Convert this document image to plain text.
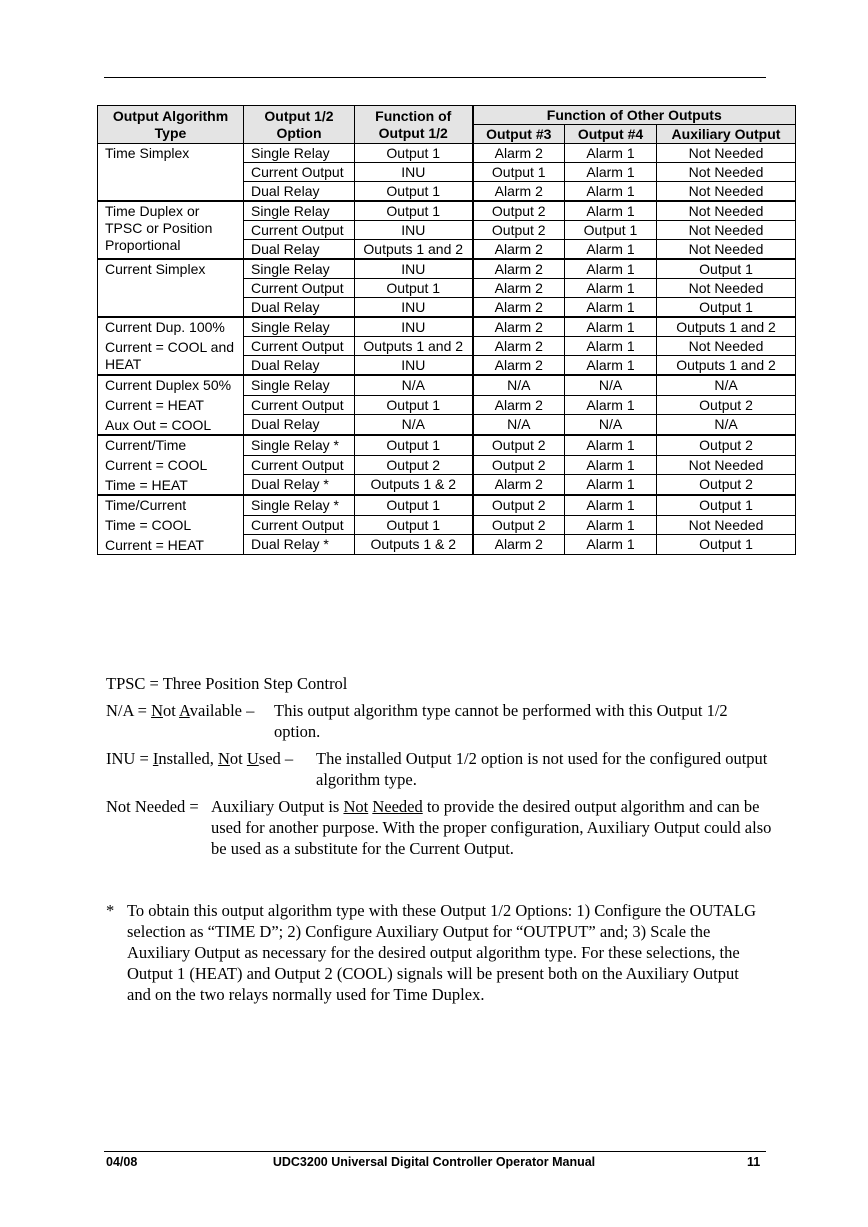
Output Algorithm Type	Output 1/2 Option	Function of Output 1/2	Function of Other Outputs		
			Output #3	Output #4	Auxiliary Output

Time Simplex	Single Relay	Output 1	Alarm 2	Alarm 1	Not Needed
	Current Output	INU	Output 1	Alarm 1	Not Needed
	Dual Relay	Output 1	Alarm 2	Alarm 1	Not Needed

Time Duplex or TPSC or Position Proportional	Single Relay	Output 1	Output 2	Alarm 1	Not Needed
	Current Output	INU	Output 2	Output 1	Not Needed
	Dual Relay	Outputs 1 and 2	Alarm 2	Alarm 1	Not Needed

Current Simplex	Single Relay	INU	Alarm 2	Alarm 1	Output 1
	Current Output	Output 1	Alarm 2	Alarm 1	Not Needed
	Dual Relay	INU	Alarm 2	Alarm 1	Output 1

Current Dup. 100%
Current = COOL and HEAT	Single Relay	INU	Alarm 2	Alarm 1	Outputs 1 and 2
	Current Output	Outputs 1 and 2	Alarm 2	Alarm 1	Not Needed
	Dual Relay	INU	Alarm 2	Alarm 1	Outputs 1 and 2

Current Duplex 50%
Current = HEAT
Aux Out = COOL	Single Relay	N/A	N/A	N/A	N/A
	Current Output	Output 1	Alarm 2	Alarm 1	Output 2
	Dual Relay	N/A	N/A	N/A	N/A

Current/Time
Current = COOL
Time = HEAT	Single Relay *	Output 1	Output 2	Alarm 1	Output 2
	Current Output	Output 2	Output 2	Alarm 1	Not Needed
	Dual Relay *	Outputs 1 & 2	Alarm 2	Alarm 1	Output 2

Time/Current
Time = COOL
Current = HEAT	Single Relay *	Output 1	Output 2	Alarm 1	Output 1
	Current Output	Output 1	Output 2	Alarm 1	Not Needed
	Dual Relay *	Outputs 1 & 2	Alarm 2	Alarm 1	Output 1
TPSC = Three Position Step Control
N/A = Not Available –	This output algorithm type cannot be performed with this Output 1/2 option.
INU = Installed, Not Used –	The installed Output 1/2 option is not used for the configured output algorithm type.
Not Needed = Auxiliary Output is Not Needed to provide the desired output algorithm and can be used for another purpose. With the proper configuration, Auxiliary Output could also be used as a substitute for the Current Output.
* To obtain this output algorithm type with these Output 1/2 Options: 1) Configure the OUTALG selection as “TIME D”; 2) Configure Auxiliary Output for “OUTPUT” and; 3) Scale the Auxiliary Output as necessary for the desired output algorithm type. For these selections, the Output 1 (HEAT) and Output 2 (COOL) signals will be present both on the Auxiliary Output and on the two relays normally used for Time Duplex.
04/08	UDC3200 Universal Digital Controller Operator Manual	11
